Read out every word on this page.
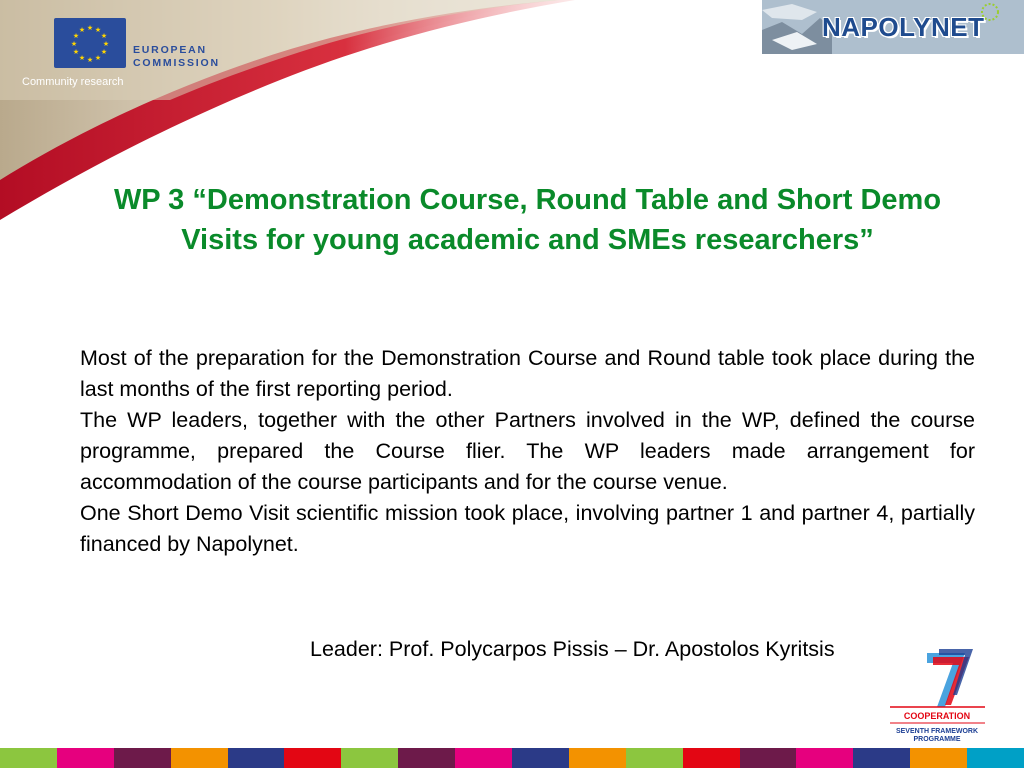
★ ★
★
★
★
★
★
★
★
★
★
★
EUROPEAN
COMMISSION
Community research
NAPOLYNET
WP 3 “Demonstration Course, Round Table and Short Demo Visits for young academic and SMEs researchers”

Most of the preparation for the Demonstration Course and Round table took place during the last months of the first reporting period.

The WP leaders, together with the other Partners involved in the WP, defined the course programme, prepared the Course flier. The WP leaders made arrangement for accommodation of the course participants and for the course venue.

One Short Demo Visit scientific mission took place, involving partner 1 and partner 4, partially financed by Napolynet.

Leader: Prof. Polycarpos Pissis – Dr. Apostolos Kyritsis
COOPERATION
SEVENTH FRAMEWORK
PROGRAMME
